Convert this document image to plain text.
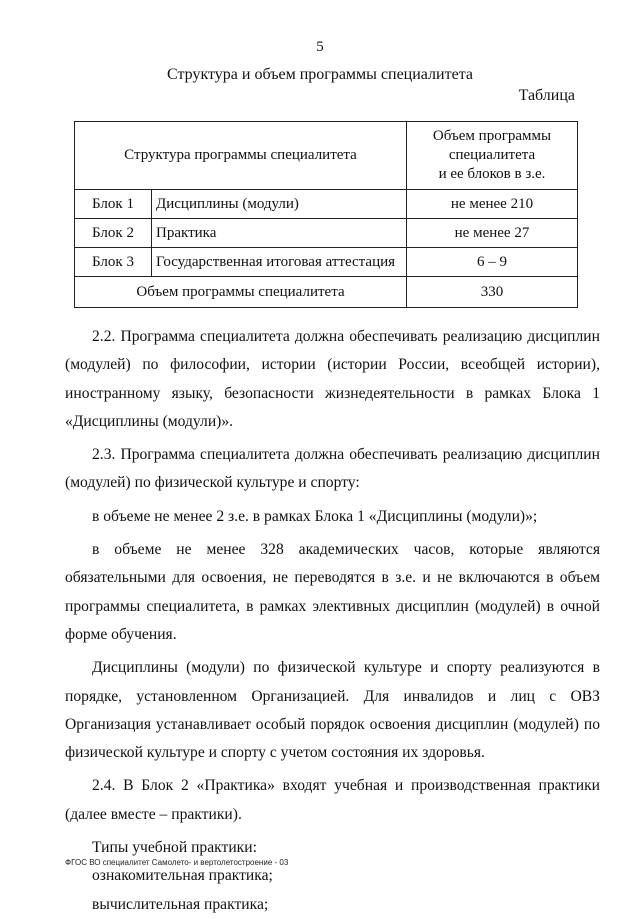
5
Структура и объем программы специалитета
Таблица
Структура программы специалитета		Объем программы
специалитета
и ее блоков в з.е.

Блок 1	Дисциплины (модули)	не менее 210
Блок 2	Практика	не менее 27
Блок 3	Государственная итоговая аттестация	6 – 9
Объем программы специалитета		330

2.2. Программа специалитета должна обеспечивать реализацию дисциплин (модулей) по философии, истории (истории России, всеобщей истории), иностранному языку, безопасности жизнедеятельности в рамках Блока 1 «Дисциплины (модули)».

2.3. Программа специалитета должна обеспечивать реализацию дисциплин (модулей) по физической культуре и спорту:

в объеме не менее 2 з.е. в рамках Блока 1 «Дисциплины (модули)»;

в объеме не менее 328 академических часов, которые являются обязательными для освоения, не переводятся в з.е. и не включаются в объем программы специалитета, в рамках элективных дисциплин (модулей) в очной форме обучения.

Дисциплины (модули) по физической культуре и спорту реализуются в порядке, установленном Организацией. Для инвалидов и лиц с ОВЗ Организация устанавливает особый порядок освоения дисциплин (модулей) по физической культуре и спорту с учетом состояния их здоровья.

2.4. В Блок 2 «Практика» входят учебная и производственная практики (далее вместе – практики).

Типы учебной практики:

ознакомительная практика;

вычислительная практика;

ФГОС ВО специалитет Самолето- и вертолетостроение - 03
